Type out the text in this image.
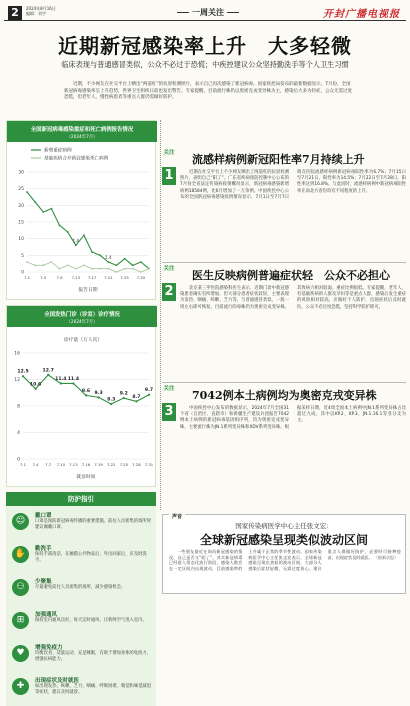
2	2024年8月16日
编辑：刘宇	一周关注	开封广播电视报
近期新冠感染率上升　大多轻微
临床表现与普通感冒类似，公众不必过于恐慌；中疾控建议公众坚持勤洗手等个人卫生习惯
近期，不少网友在社交平台上晒出“两道杠”的抗原检测照片，表示自己再次感染了新冠病毒。国家疾控局发布的最新数据显示，7月份，全国新冠病毒感染率呈上升趋势，世界卫生组织日前也发出警告。专家提醒，目前流行株仍以奥密克戎变异株为主，感染后大多为轻症，公众无需过度恐慌，但老年人、慢性病患者等重点人群仍需做好防护。
全国新冠病毒感染重症和死亡病例报告情况
（2024年7月）
新增重症病例
基础疾病合并新冠感染死亡病例
0
5
10
15
20
25
30
7.1	7.5	7.9 7.13 7.17 7.21 7.25 7.29
报告日期
1.4
1.4
全国发热门诊（诊室）诊疗情况
（2024年7月）
诊疗量（万人次）
0
4
8
12
16
7.1 7.4 7.7 7.10 7.13 7.16 7.19 7.22 7.25 7.28 7.31
就诊时间
12.5
10.6
12.7
11.4 11.4
9.6 9.3
8.3
9.2
8.7
9.7
防护指引
☺	戴口罩
口罩是预防新冠病毒传播的重要措施。前往人员密集的场所时建议佩戴口罩。
✋	勤洗手
保持手部清洁，在触摸公共物品后、外出回家后，应及时洗手。
⚇	少聚集
尽量避免前往人员密集的场所，减少感染机会。
⊞	加强通风
保持室内通风良好，每天定时通风，让新鲜空气进入室内。
♥	增强免疫力
均衡饮食、适量运动、充足睡眠，有助于增加身体的免疫力，增强抗病能力。
✚	出现症状及时就医
如出现发热、咳嗽、乏力、咽痛、呼吸困难、嗅觉和味觉减退等症状，建议及时就诊。
关注
1
流感样病例新冠阳性率7月持续上升
近期在社交平台上不少网友晒出了两道杠的抗原检测照片，表明自己“阳了”。广东省疾病预防控制中心公布的7月份全省法定传染病疫情概况显示，新冠病毒感染新增病例18584例，比6月增加了一万余例。中国疾控中心公布的全国新冠病毒感染疫情情况显示，7月1日至7月7日哨点医院流感样病例新冠病毒阳性率为6.7%；7月15日至7月21日，阳性率为14.5%；7月22日至7月28日，阳性率达到16.8%。与此同时，流感样病例中新冠病毒阳性率在南北方省份均有不同程度的上升。
关注
2
医生反映病例普遍症状轻　公众不必担心
北京某三甲医院感染科医生表示，近期门诊中新冠感染患者确实有所增加，但大部分患者症状较轻，主要表现为发热、咽痛、咳嗽、乏力等，与普通感冒类似，一般一周左右即可恢复。目前流行的毒株仍为奥密克戎变异株，其致病力相对较弱，重症比例很低。专家提醒，老年人、有基础疾病的人群及孕妇等是重点人群，感染后发生重症的风险相对较高，应做好个人防护，出现症状后及时就医。公众不必过度恐慌，坚持科学防护即可。
关注
3
7042例本土病例均为奥密克戎变异株
中国疾控中心发布的数据显示，2024年7月全国31个省（自治区、直辖市）和新疆生产建设兵团报告7042例本土病例的新冠病毒基因组序列，均为奥密克戎变异株，主要流行株为JN.1系列变异株和XDV系列变异株。根据采样日期，近4周全国本土病例中JN.1系列变异株占比超过九成，其中以KP.2、KP.3、JN.1.16.1等亚分支为主。
声音
国家传染病医学中心主任张文宏：
全球新冠感染呈现类似波动区间
一些朋友最近在询问新冠感染的情况，自己是否又“阳了”。其实新冠病毒已经进入常态化流行阶段，感染人数会在一定区间内出现波动，目前感染率的上升属于正常的季节性波动。国家传染病医学中心主任张文宏表示，全球新冠感染呈现出类似的波动区间，大部分人感染后症状轻微，无需过度担心。建议重点人群做好防护，必要时可接种疫苗，出现症状及时就医。 （据新京报）
